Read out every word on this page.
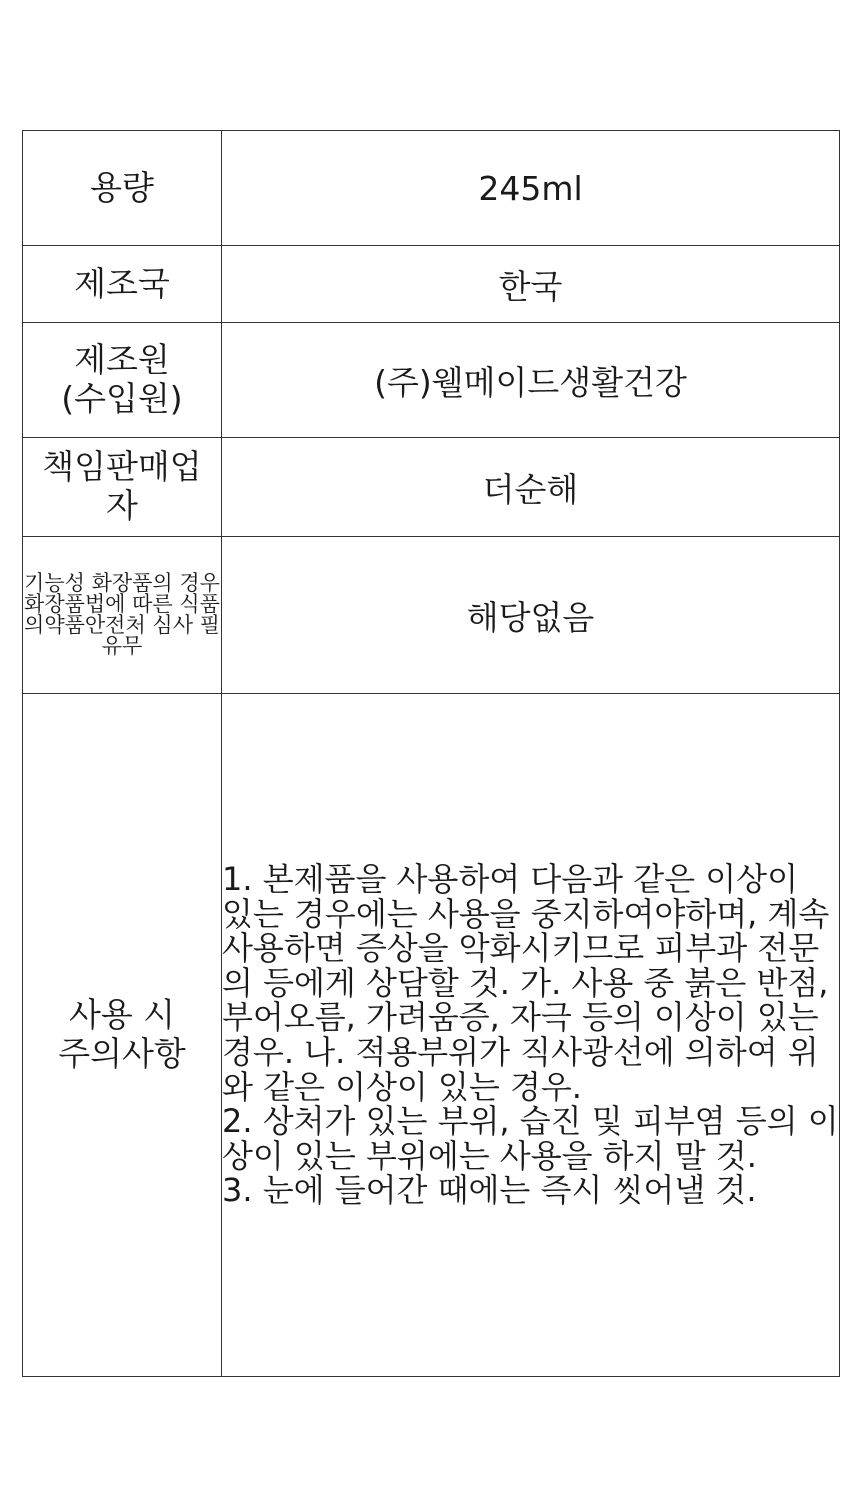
용량	245ml
제조국	한국
제조원
(수입원)	(주)웰메이드생활건강
책임판매업자	더순해
기능성 화장품의 경우 화장품법에 따른 식품의약품안전처 심사 필 유무	해당없음
사용 시
주의사항	1. 본제품을 사용하여 다음과 같은 이상이 있는 경우에는 사용을 중지하여야하며, 계속 사용하면 증상을 악화시키므로 피부과 전문의 등에게 상담할 것. 가. 사용 중 붉은 반점, 부어오름, 가려움증, 자극 등의 이상이 있는 경우. 나. 적용부위가 직사광선에 의하여 위와 같은 이상이 있는 경우.
2. 상처가 있는 부위, 습진 및 피부염 등의 이상이 있는 부위에는 사용을 하지 말 것.
3. 눈에 들어간 때에는 즉시 씻어낼 것.
